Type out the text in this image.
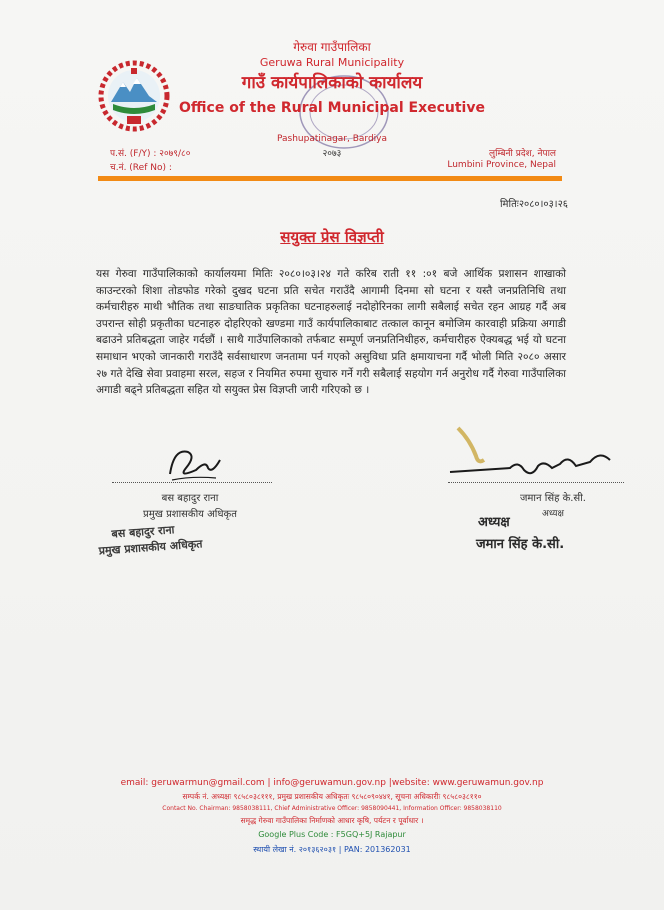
गेरुवा गाउँपालिका
Geruwa Rural Municipality
गाउँ कार्यपालिकाको कार्यालय
Office of the Rural Municipal Executive
Pashupatinagar, Bardiya
२०७३
प.सं. (F/Y) : २०७९/८०
च.नं. (Ref No) :
लुम्बिनी प्रदेश, नेपाल
Lumbini Province, Nepal
मितिः२०८०।०३।२६
सयुक्त प्रेस विज्ञप्ती
यस गेरुवा गाउँपालिकाको कार्यालयमा मितिः २०८०।०३।२४ गते करिब राती ११ :०१ बजे आर्थिक प्रशासन शाखाको काउन्टरको शिशा तोडफोड गरेको दुखद घटना प्रति सचेत गराउँदै आगामी दिनमा सो घटना र यस्तै जनप्रतिनिधि तथा कर्मचारीहरु माथी भौतिक तथा साङघातिक प्रकृतिका घटनाहरुलाई नदोहोरिनका लागी सबैलाई सचेत रहन आग्रह गर्दै अब उपरान्त सोही प्रकृतीका घटनाहरु दोहरिएको खण्डमा गाउँ कार्यपालिकाबाट तत्काल कानून बमोजिम कारवाही प्रक्रिया अगाडी बढाउने प्रतिबद्धता जाहेर गर्दछौं । साथै गाउँपालिकाको तर्फबाट सम्पूर्ण जनप्रतिनिधीहरु, कर्मचारीहरु ऐक्यबद्ध भई यो घटना समाधान भएको जानकारी गराउँदै सर्वसाधारण जनतामा पर्न गएको असुविधा प्रति क्षमायाचना गर्दै भोली मिति २०८० असार २७ गते देखि सेवा प्रवाहमा सरल, सहज र नियमित रुपमा सुचारु गर्ने गरी सबैलाई सहयोग गर्न अनुरोध गर्दै गेरुवा गाउँपालिका अगाडी बढ्ने प्रतिबद्धता सहित यो सयुक्त प्रेस विज्ञप्ती जारी गरिएको छ ।
बस बहादुर राना
प्रमुख प्रशासकीय अधिकृत
जमान सिंह के.सी.
अध्यक्ष
बस बहादुर राना
प्रमुख प्रशासकीय अधिकृत
अध्यक्ष
जमान सिंह के.सी.
email: geruwarmun@gmail.com | info@geruwamun.gov.np |website: www.geruwamun.gov.np
सम्पर्क नं. अध्यक्षः ९८५८०३८१११, प्रमुख प्रशासकीय अधिकृतः ९८५८०९०४४१, सूचना अधिकारीः ९८५८०३८११०
Contact No. Chairman: 9858038111, Chief Administrative Officer: 9858090441, Information Officer: 9858038110
समृद्ध गेरुवा गाउँपालिका निर्माणको आधार कृषि, पर्यटन र पूर्वाधार ।
Google Plus Code : F5GQ+5J Rajapur
स्थायी लेखा नं. २०१३६२०३१ | PAN: 201362031
